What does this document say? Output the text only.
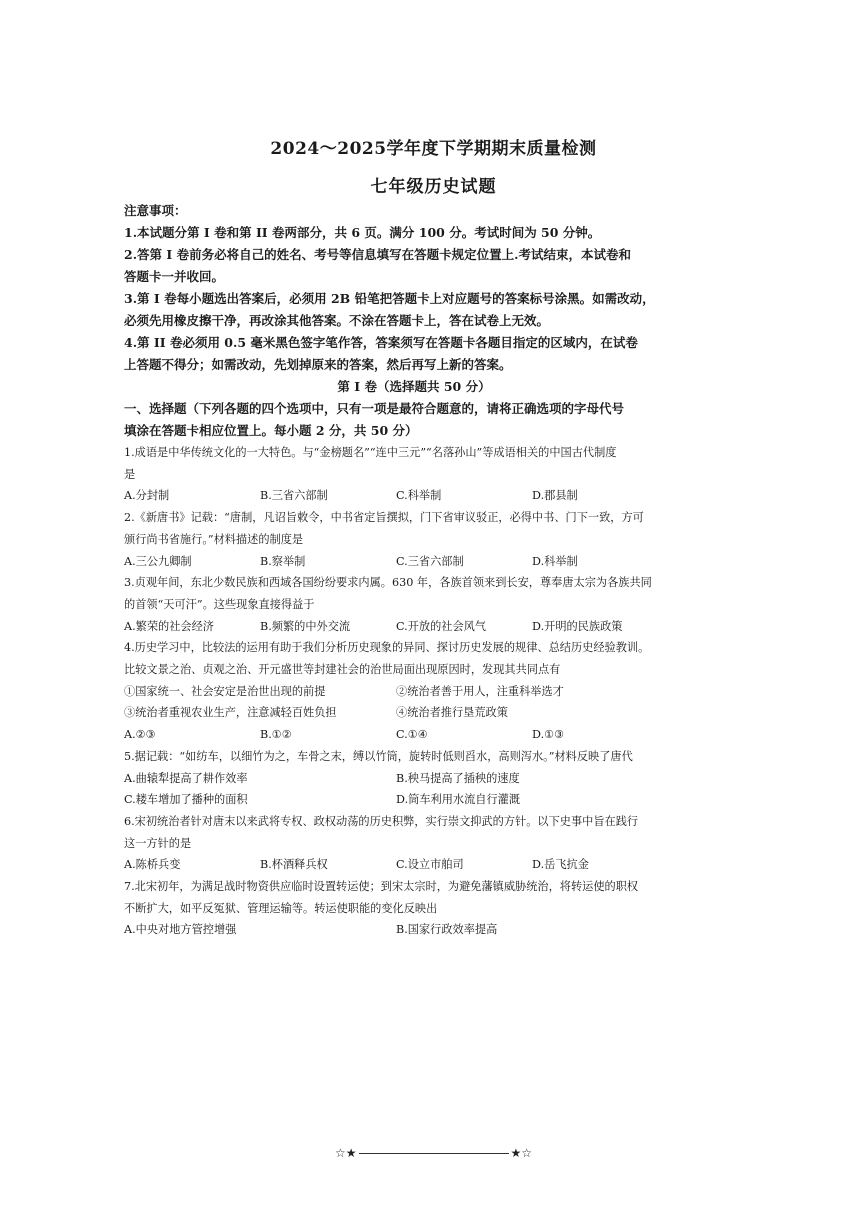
2024～2025学年度下学期期末质量检测
七年级历史试题
注意事项：
1.本试题分第 I 卷和第 II 卷两部分，共 6 页。满分 100 分。考试时间为 50 分钟。
2.答第 I 卷前务必将自己的姓名、考号等信息填写在答题卡规定位置上.考试结束，本试卷和
答题卡一并收回。
3.第 I 卷每小题选出答案后，必须用 2B 铅笔把答题卡上对应题号的答案标号涂黑。如需改动，
必须先用橡皮擦干净，再改涂其他答案。不涂在答题卡上，答在试卷上无效。
4.第 II 卷必须用 0.5 毫米黑色签字笔作答，答案须写在答题卡各题目指定的区域内，在试卷
上答题不得分；如需改动，先划掉原来的答案，然后再写上新的答案。
第 I 卷（选择题共 50 分）
一、选择题（下列各题的四个选项中，只有一项是最符合题意的，请将正确选项的字母代号
填涂在答题卡相应位置上。每小题 2 分，共 50 分）
1.成语是中华传统文化的一大特色。与“金榜题名”“连中三元”“名落孙山”等成语相关的中国古代制度
是
A.分封制	B.三省六部制	C.科举制	D.郡县制
2.《新唐书》记载：“唐制，凡诏旨敕令，中书省定旨撰拟，门下省审议驳正，必得中书、门下一致，方可
颁行尚书省施行。”材料描述的制度是
A.三公九卿制	B.察举制	C.三省六部制	D.科举制
3.贞观年间，东北少数民族和西域各国纷纷要求内属。630 年，各族首领来到长安，尊奉唐太宗为各族共同
的首领“天可汗”。这些现象直接得益于
A.繁荣的社会经济	B.频繁的中外交流	C.开放的社会风气	D.开明的民族政策
4.历史学习中，比较法的运用有助于我们分析历史现象的异同、探讨历史发展的规律、总结历史经验教训。
比较文景之治、贞观之治、开元盛世等封建社会的治世局面出现原因时，发现其共同点有
①国家统一、社会安定是治世出现的前提	②统治者善于用人，注重科举选才
③统治者重视农业生产，注意减轻百姓负担	④统治者推行垦荒政策
A.②③	B.①②	C.①④	D.①③
5.据记载：“如纺车，以细竹为之，车骨之末，缚以竹筒，旋转时低则舀水，高则泻水。”材料反映了唐代
A.曲辕犁提高了耕作效率	B.秧马提高了插秧的速度
C.耧车增加了播种的面积	D.筒车利用水流自行灌溉
6.宋初统治者针对唐末以来武将专权、政权动荡的历史积弊，实行崇文抑武的方针。以下史事中旨在践行
这一方针的是
A.陈桥兵变	B.杯酒释兵权	C.设立市舶司	D.岳飞抗金
7.北宋初年，为满足战时物资供应临时设置转运使；到宋太宗时，为避免藩镇威胁统治，将转运使的职权
不断扩大，如平反冤狱、管理运输等。转运使职能的变化反映出
A.中央对地方管控增强	B.国家行政效率提高
☆★	★☆
